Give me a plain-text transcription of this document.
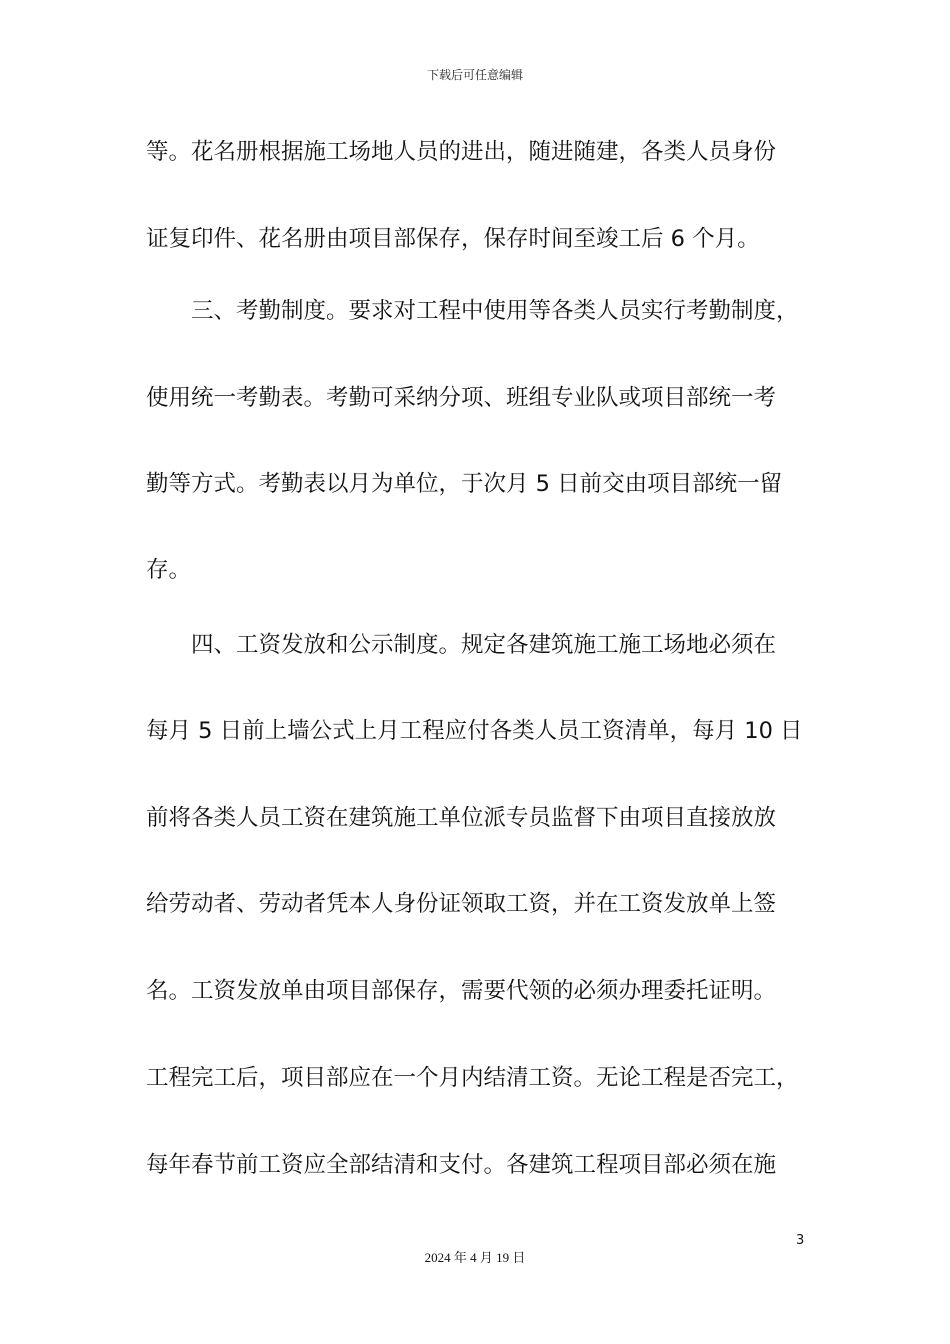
下载后可任意编辑
等。花名册根据施工场地人员的进出，随进随建，各类人员身份
证复印件、花名册由项目部保存，保存时间至竣工后 6 个月。
三、考勤制度。要求对工程中使用等各类人员实行考勤制度，
使用统一考勤表。考勤可采纳分项、班组专业队或项目部统一考
勤等方式。考勤表以月为单位，于次月 5 日前交由项目部统一留
存。
四、工资发放和公示制度。规定各建筑施工施工场地必须在
每月 5 日前上墙公式上月工程应付各类人员工资清单，每月 10 日
前将各类人员工资在建筑施工单位派专员监督下由项目直接放放
给劳动者、劳动者凭本人身份证领取工资，并在工资发放单上签
名。工资发放单由项目部保存，需要代领的必须办理委托证明。
工程完工后，项目部应在一个月内结清工资。无论工程是否完工，
每年春节前工资应全部结清和支付。各建筑工程项目部必须在施
3
2024 年 4 月 19 日
